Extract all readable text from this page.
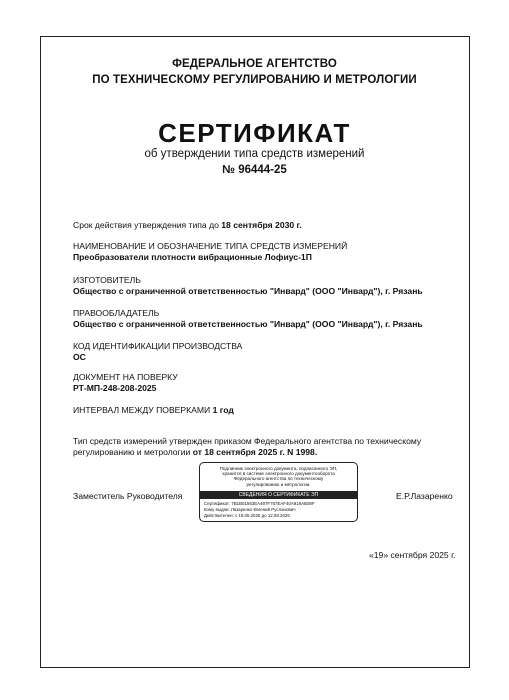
ФЕДЕРАЛЬНОЕ АГЕНТСТВО
ПО ТЕХНИЧЕСКОМУ РЕГУЛИРОВАНИЮ И МЕТРОЛОГИИ
СЕРТИФИКАТ
об утверждении типа средств измерений
№ 96444-25
Срок действия утверждения типа до 18 сентября 2030 г.
НАИМЕНОВАНИЕ И ОБОЗНАЧЕНИЕ ТИПА СРЕДСТВ ИЗМЕРЕНИЙ
Преобразователи плотности вибрационные Лофиус-1П
ИЗГОТОВИТЕЛЬ
Общество с ограниченной ответственностью "Инвард" (ООО "Инвард"), г. Рязань
ПРАВООБЛАДАТЕЛЬ
Общество с ограниченной ответственностью "Инвард" (ООО "Инвард"), г. Рязань
КОД ИДЕНТИФИКАЦИИ ПРОИЗВОДСТВА
ОС
ДОКУМЕНТ НА ПОВЕРКУ
РТ-МП-248-208-2025
ИНТЕРВАЛ МЕЖДУ ПОВЕРКАМИ 1 год
Тип средств измерений утвержден приказом Федерального агентства по техническому
регулированию и метрологии от 18 сентября 2025 г. N 1998.
Заместитель Руководителя
Подлинник электронного документа, подписанного ЭП,
хранится в системе электронного документооборота
Федерального агентства по техническому
регулированию и метрологии.
СВЕДЕНИЯ О СЕРТИФИКАТЕ ЭП
Сертификат: 7B1B01563EA497F787EAF40A918AB08F
Кому выдан: Лазаренко Евгений Русланович
Действителен: с 19.05.2025 до 12.08.2026
Е.Р.Лазаренко
«19» сентября 2025 г.
